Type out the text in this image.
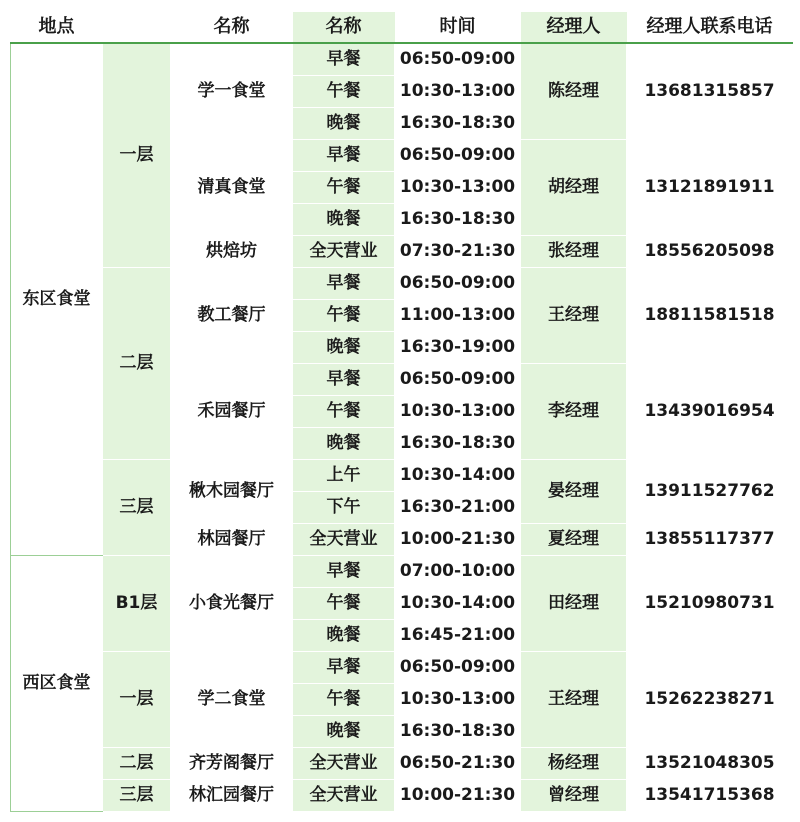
地点		名称	名称	时间	经理人	经理人联系电话
东区食堂	一层	学一食堂	早餐	06:50-09:00	陈经理	13681315857
			午餐	10:30-13:00		
			晚餐	16:30-18:30		
		清真食堂	早餐	06:50-09:00	胡经理	13121891911
			午餐	10:30-13:00		
			晚餐	16:30-18:30		
		烘焙坊	全天营业	07:30-21:30	张经理	18556205098
	二层	教工餐厅	早餐	06:50-09:00	王经理	18811581518
			午餐	11:00-13:00		
			晚餐	16:30-19:00		
		禾园餐厅	早餐	06:50-09:00	李经理	13439016954
			午餐	10:30-13:00		
			晚餐	16:30-18:30		
	三层	楸木园餐厅	上午	10:30-14:00	晏经理	13911527762
			下午	16:30-21:00		
		林园餐厅	全天营业	10:00-21:30	夏经理	13855117377
西区食堂	B1层	小食光餐厅	早餐	07:00-10:00	田经理	15210980731
			午餐	10:30-14:00		
			晚餐	16:45-21:00		
	一层	学二食堂	早餐	06:50-09:00	王经理	15262238271
			午餐	10:30-13:00		
			晚餐	16:30-18:30		
	二层	齐芳阁餐厅	全天营业	06:50-21:30	杨经理	13521048305
	三层	林汇园餐厅	全天营业	10:00-21:30	曾经理	13541715368
